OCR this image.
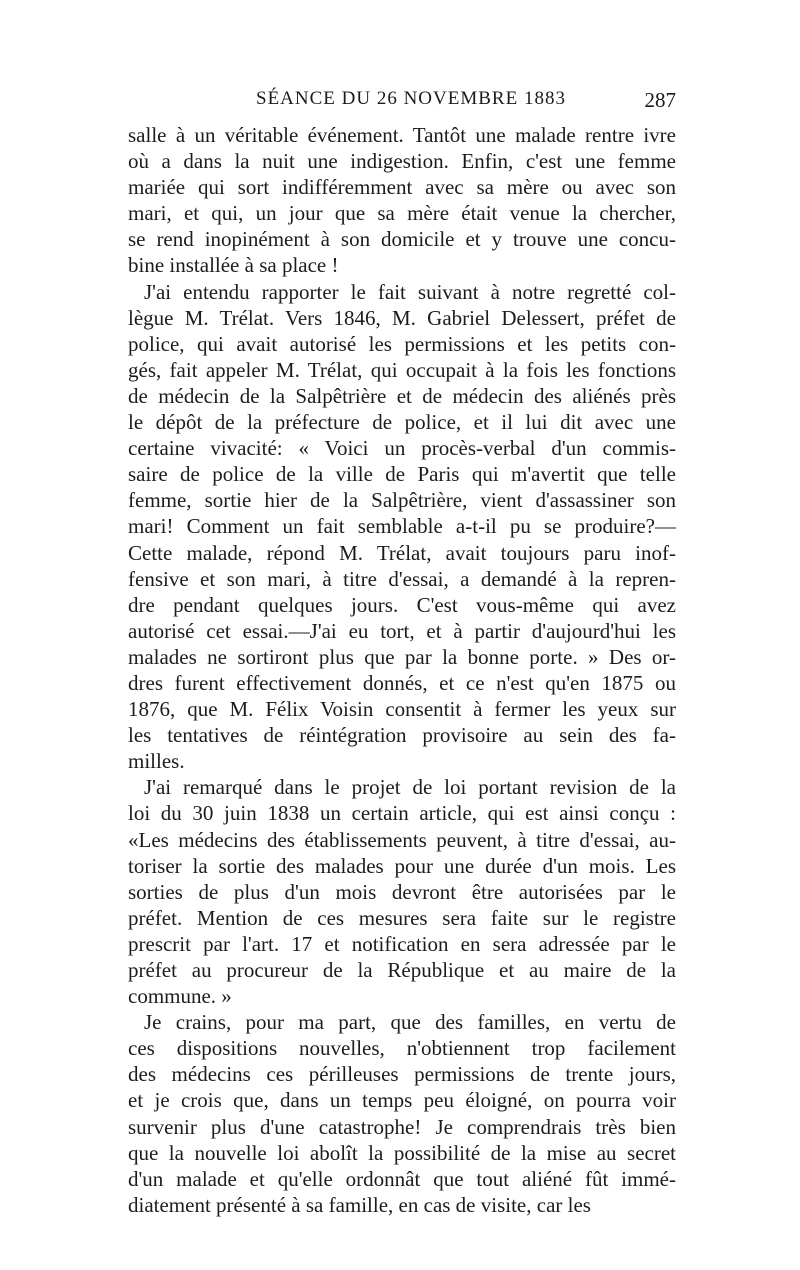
SÉANCE DU 26 NOVEMBRE 1883	287
salle à un véritable événement. Tantôt une malade rentre ivre
où a dans la nuit une indigestion. Enfin, c'est une femme
mariée qui sort indifféremment avec sa mère ou avec son
mari, et qui, un jour que sa mère était venue la chercher,
se rend inopinément à son domicile et y trouve une concu-
bine installée à sa place !
J'ai entendu rapporter le fait suivant à notre regretté col-
lègue M. Trélat. Vers 1846, M. Gabriel Delessert, préfet de
police, qui avait autorisé les permissions et les petits con-
gés, fait appeler M. Trélat, qui occupait à la fois les fonctions
de médecin de la Salpêtrière et de médecin des aliénés près
le dépôt de la préfecture de police, et il lui dit avec une
certaine vivacité: « Voici un procès-verbal d'un commis-
saire de police de la ville de Paris qui m'avertit que telle
femme, sortie hier de la Salpêtrière, vient d'assassiner son
mari! Comment un fait semblable a-t-il pu se produire?—
Cette malade, répond M. Trélat, avait toujours paru inof-
fensive et son mari, à titre d'essai, a demandé à la repren-
dre pendant quelques jours. C'est vous-même qui avez
autorisé cet essai.—J'ai eu tort, et à partir d'aujourd'hui les
malades ne sortiront plus que par la bonne porte. » Des or-
dres furent effectivement donnés, et ce n'est qu'en 1875 ou
1876, que M. Félix Voisin consentit à fermer les yeux sur
les tentatives de réintégration provisoire au sein des fa-
milles.
J'ai remarqué dans le projet de loi portant revision de la
loi du 30 juin 1838 un certain article, qui est ainsi conçu :
«Les médecins des établissements peuvent, à titre d'essai, au-
toriser la sortie des malades pour une durée d'un mois. Les
sorties de plus d'un mois devront être autorisées par le
préfet. Mention de ces mesures sera faite sur le registre
prescrit par l'art. 17 et notification en sera adressée par le
préfet au procureur de la République et au maire de la
commune. »
Je crains, pour ma part, que des familles, en vertu de
ces dispositions nouvelles, n'obtiennent trop facilement
des médecins ces périlleuses permissions de trente jours,
et je crois que, dans un temps peu éloigné, on pourra voir
survenir plus d'une catastrophe! Je comprendrais très bien
que la nouvelle loi abolît la possibilité de la mise au secret
d'un malade et qu'elle ordonnât que tout aliéné fût immé-
diatement présenté à sa famille, en cas de visite, car les
